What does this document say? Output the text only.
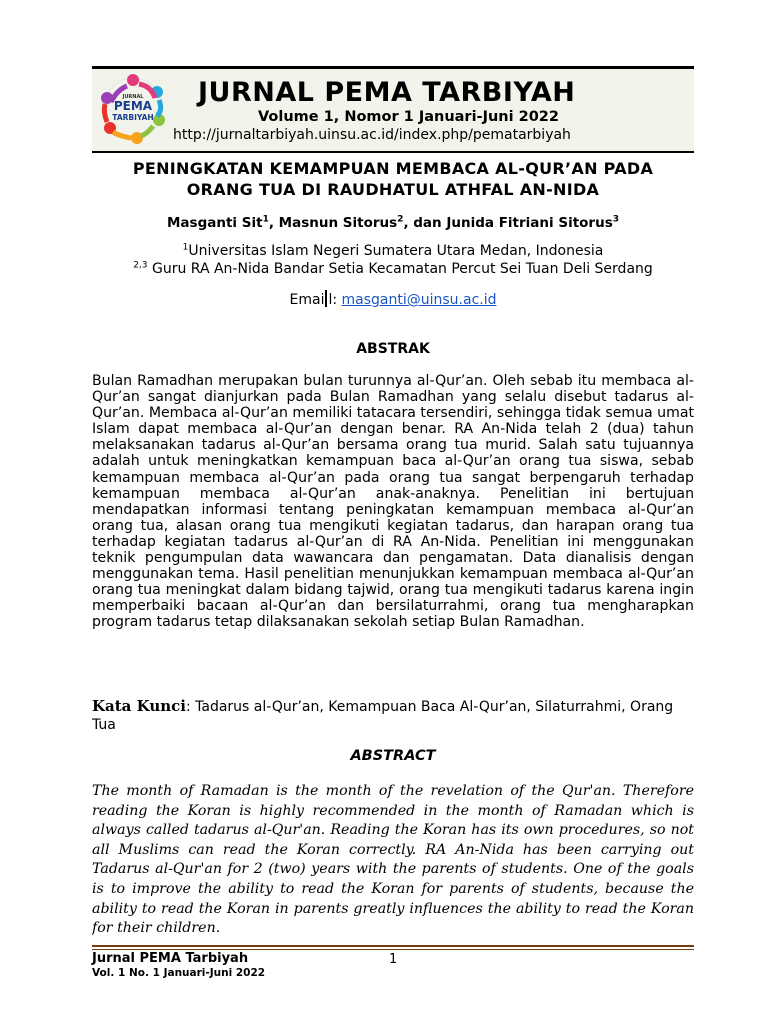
JURNAL
PEMA
TARBIYAH
JURNAL PEMA TARBIYAH
Volume 1, Nomor 1 Januari-Juni 2022
http://jurnaltarbiyah.uinsu.ac.id/index.php/pematarbiyah
PENINGKATAN KEMAMPUAN MEMBACA AL-QUR’AN PADA
ORANG TUA DI RAUDHATUL ATHFAL AN-NIDA
Masganti Sit$^1$, Masnun Sitorus$^2$, dan Junida Fitriani Sitorus$^3$
$^1$Universitas Islam Negeri Sumatera Utara Medan, Indonesia
$^{2,3}$ Guru RA An-Nida Bandar Setia Kecamatan Percut Sei Tuan Deli Serdang
Emai l: masganti@uinsu.ac.id
ABSTRAK
Bulan Ramadhan merupakan bulan turunnya al-Qur’an. Oleh sebab itu membaca al-Qur’an sangat dianjurkan pada Bulan Ramadhan yang selalu disebut tadarus al-Qur’an. Membaca al-Qur’an memiliki tatacara tersendiri, sehingga tidak semua umat Islam dapat membaca al-Qur’an dengan benar. RA An-Nida telah 2 (dua) tahun melaksanakan tadarus al-Qur’an bersama orang tua murid. Salah satu tujuannya adalah untuk meningkatkan kemampuan baca al-Qur’an orang tua siswa, sebab kemampuan membaca al-Qur’an pada orang tua sangat berpengaruh terhadap kemampuan membaca al-Qur’an anak-anaknya. Penelitian ini bertujuan mendapatkan informasi tentang peningkatan kemampuan membaca al-Qur’an orang tua, alasan orang tua mengikuti kegiatan tadarus, dan harapan orang tua terhadap kegiatan tadarus al-Qur’an di RA An-Nida. Penelitian ini menggunakan teknik pengumpulan data wawancara dan pengamatan. Data dianalisis dengan menggunakan tema. Hasil penelitian menunjukkan kemampuan membaca al-Qur’an orang tua meningkat dalam bidang tajwid, orang tua mengikuti tadarus karena ingin memperbaiki bacaan al-Qur’an dan bersilaturrahmi, orang tua mengharapkan program tadarus tetap dilaksanakan sekolah setiap Bulan Ramadhan.
Kata Kunci: Tadarus al-Qur’an, Kemampuan Baca Al-Qur’an, Silaturrahmi, Orang Tua
ABSTRACT
The month of Ramadan is the month of the revelation of the Qur'an. Therefore reading the Koran is highly recommended in the month of Ramadan which is always called tadarus al-Qur'an. Reading the Koran has its own procedures, so not all Muslims can read the Koran correctly. RA An-Nida has been carrying out Tadarus al-Qur'an for 2 (two) years with the parents of students. One of the goals is to improve the ability to read the Koran for parents of students, because the ability to read the Koran in parents greatly influences the ability to read the Koran for their children.
Jurnal PEMA Tarbiyah	1
Vol. 1 No. 1 Januari-Juni 2022
